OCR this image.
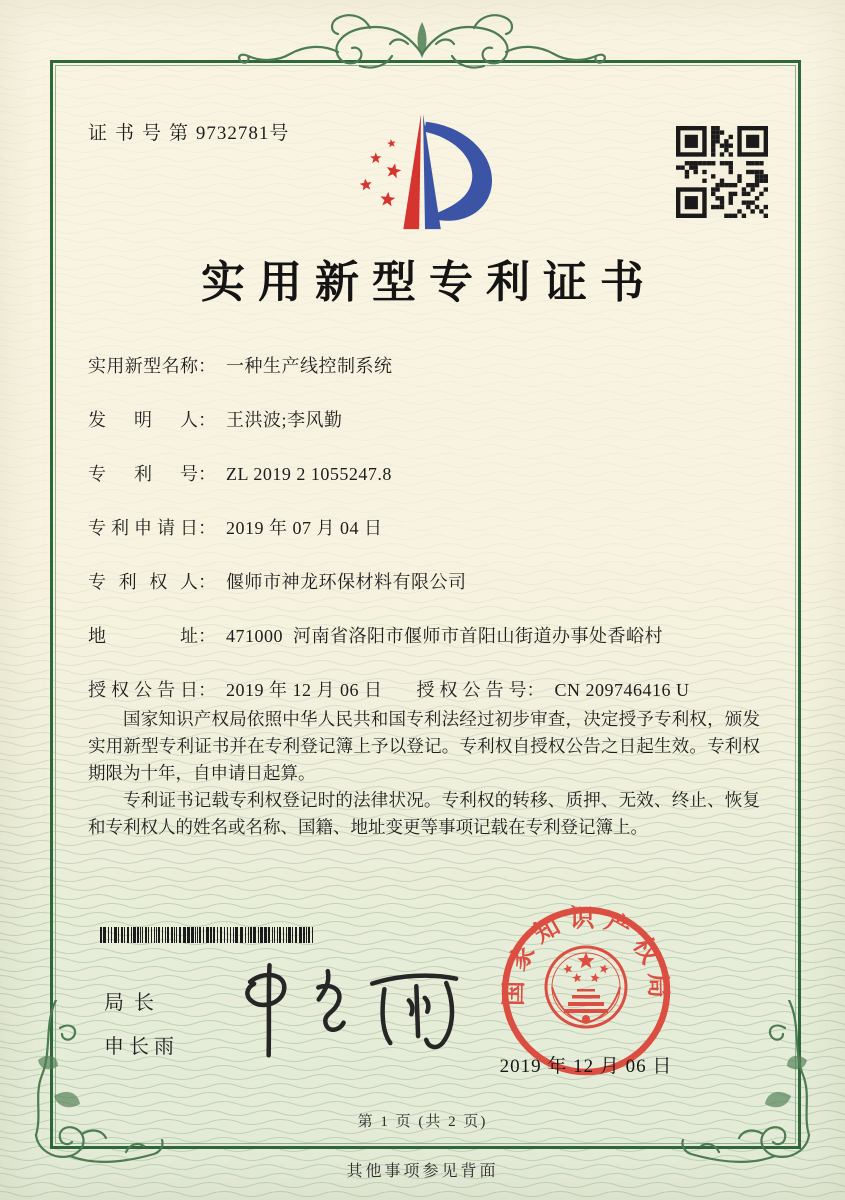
证书号第9732781号
实用新型专利证书
实 用 新 型 名 称 ： 一种生产线控制系统
发 明 人 ： 王洪波;李风勤
专 利 号 ： ZL 2019 2 1055247.8
专 利 申 请 日 ： 2019 年 07 月 04 日
专 利 权 人 ： 偃师市神龙环保材料有限公司
地	址 ： 471000  河南省洛阳市偃师市首阳山街道办事处香峪村
授 权 公 告 日 ： 2019 年 12 月 06 日 授 权 公 告 号 ： CN 209746416 U

国家知识产权局依照中华人民共和国专利法经过初步审查，决定授予专利权，颁发实用新型专利证书并在专利登记簿上予以登记。专利权自授权公告之日起生效。专利权期限为十年，自申请日起算。

专利证书记载专利权登记时的法律状况。专利权的转移、质押、无效、终止、恢复和专利权人的姓名或名称、国籍、地址变更等事项记载在专利登记簿上。

局长
申长雨
国家知识产权局
2019 年 12 月 06 日
第 1 页 (共 2 页)
其他事项参见背面
